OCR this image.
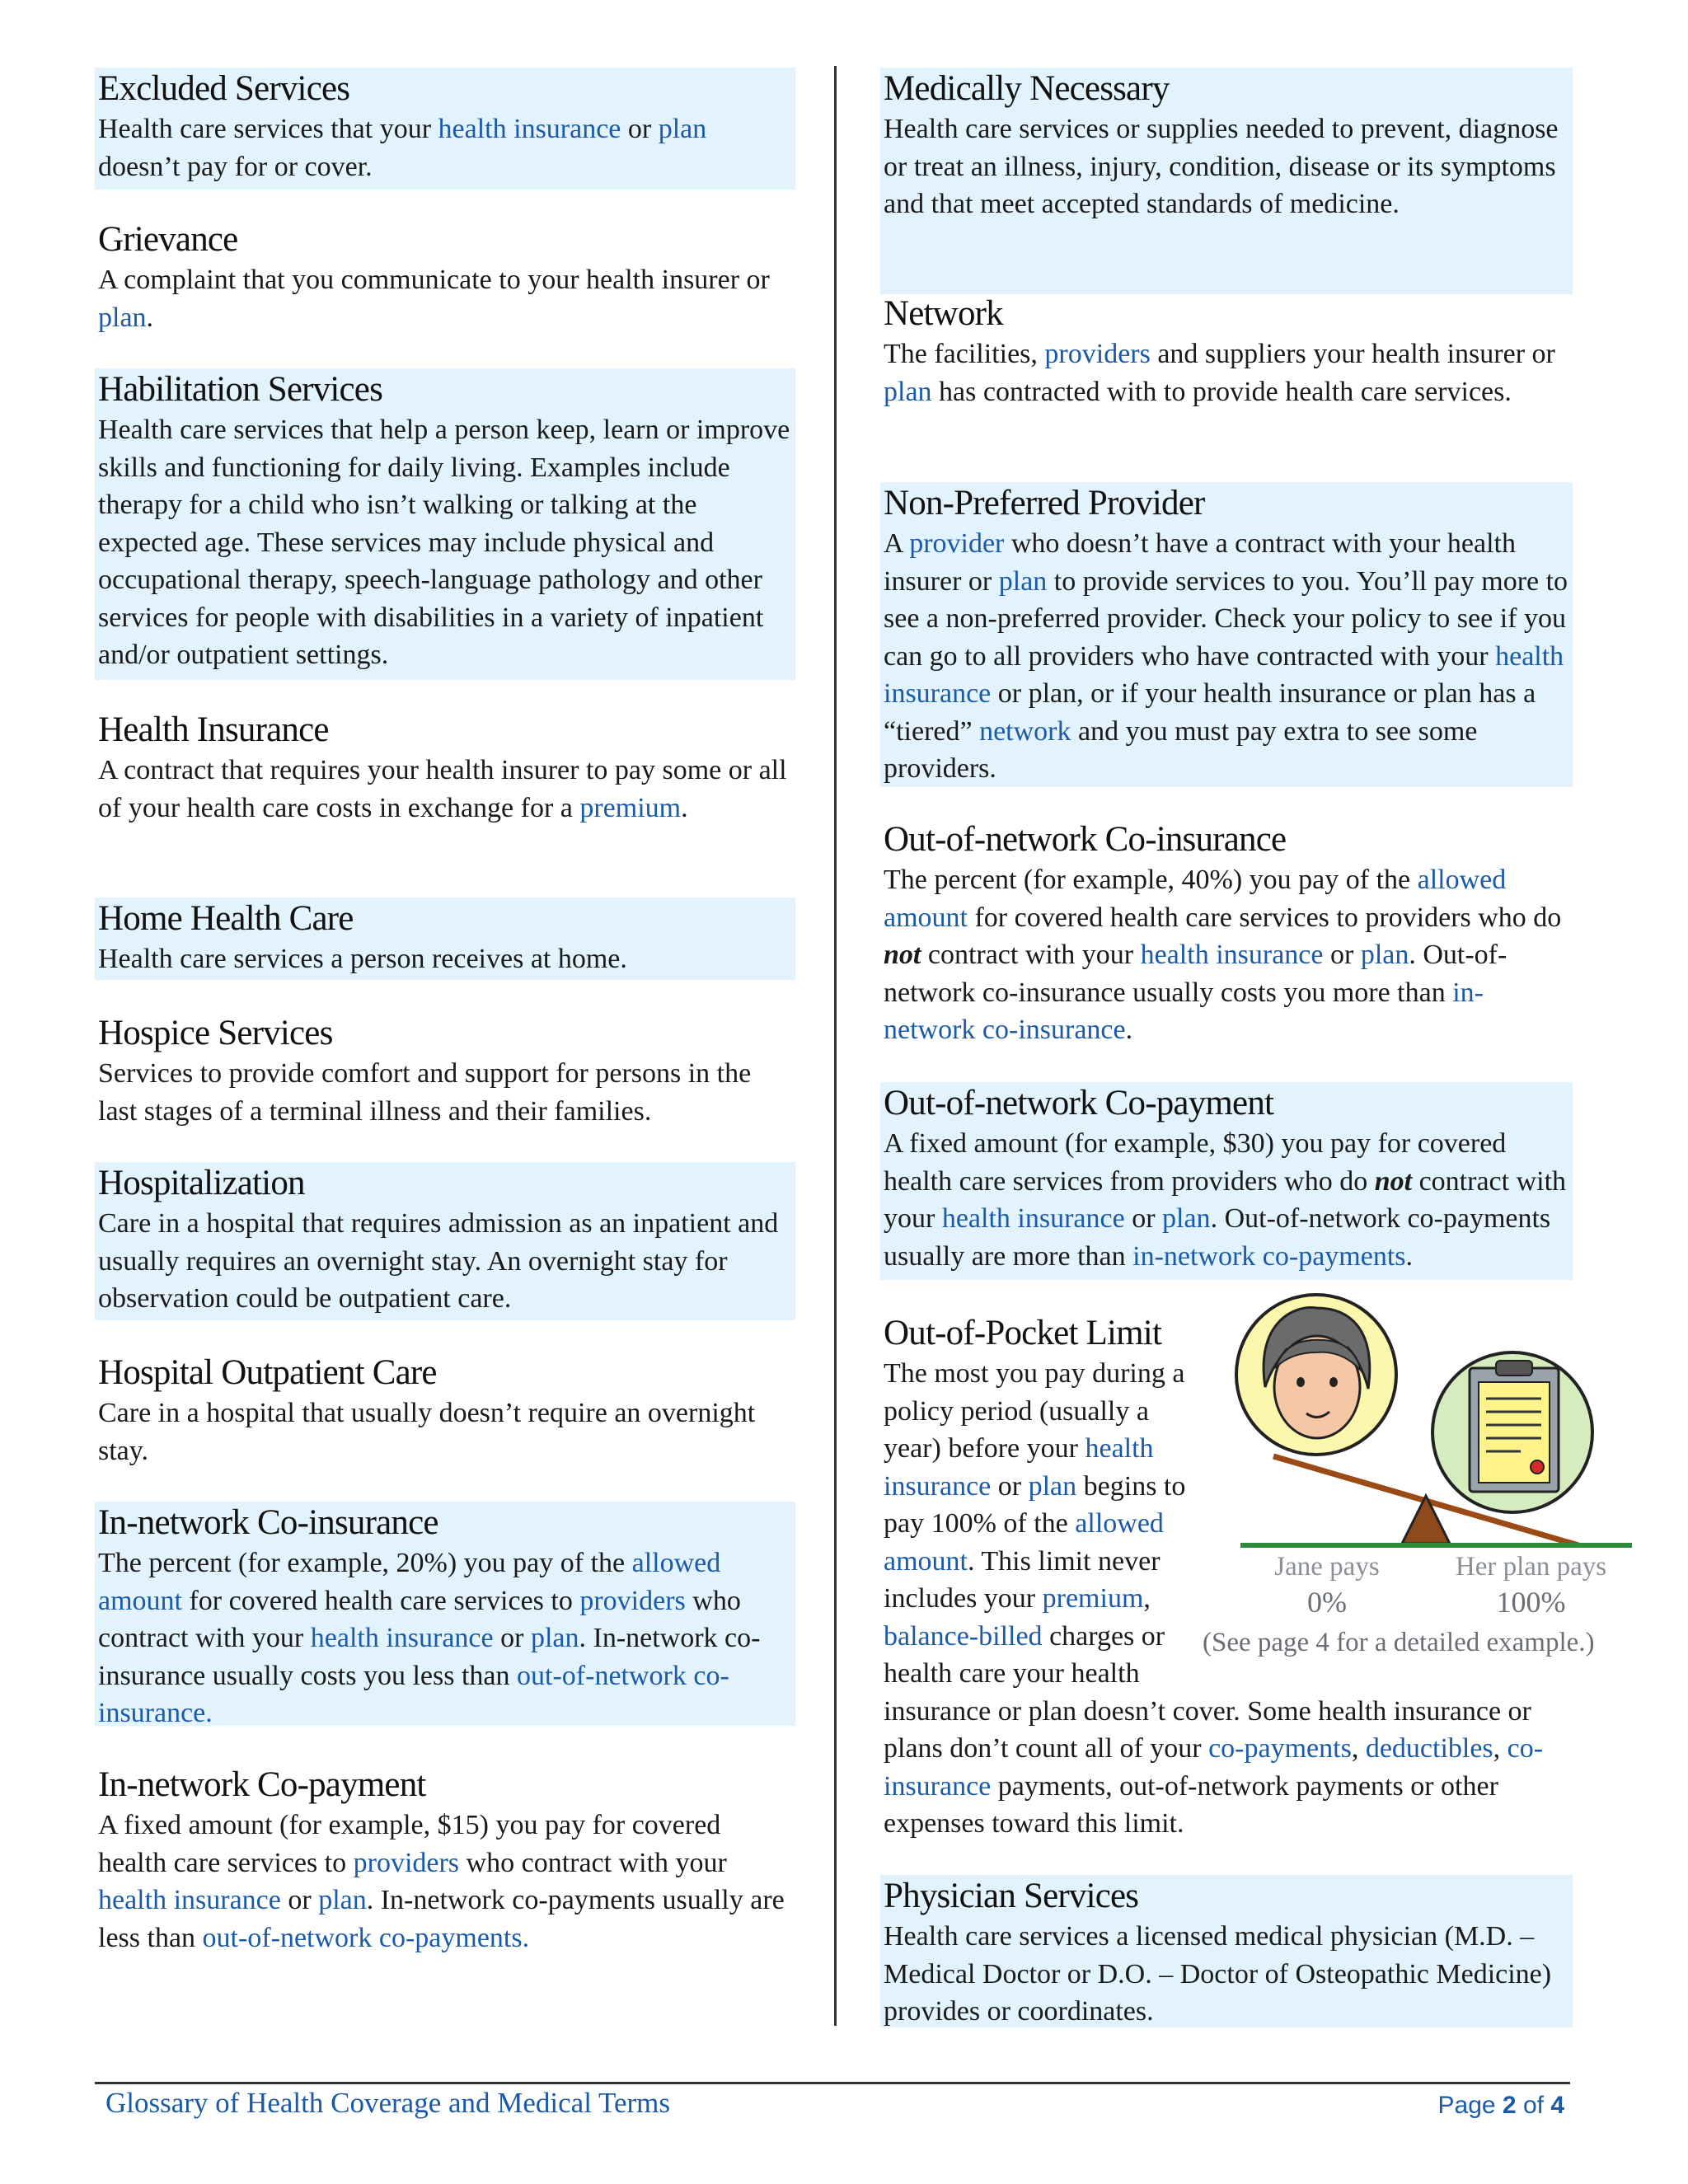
Excluded Services
Health care services that your health insurance or plan doesn’t pay for or cover.
Grievance
A complaint that you communicate to your health insurer or plan.
Habilitation Services
Health care services that help a person keep, learn or improve skills and functioning for daily living. Examples include therapy for a child who isn’t walking or talking at the expected age. These services may include physical and occupational therapy, speech-language pathology and other services for people with disabilities in a variety of inpatient and/or outpatient settings.
Health Insurance
A contract that requires your health insurer to pay some or all of your health care costs in exchange for a premium.
Home Health Care
Health care services a person receives at home.
Hospice Services
Services to provide comfort and support for persons in the last stages of a terminal illness and their families.
Hospitalization
Care in a hospital that requires admission as an inpatient and usually requires an overnight stay. An overnight stay for observation could be outpatient care.
Hospital Outpatient Care
Care in a hospital that usually doesn’t require an overnight stay.
In-network Co-insurance
The percent (for example, 20%) you pay of the allowed amount for covered health care services to providers who contract with your health insurance or plan. In-network co-insurance usually costs you less than out-of-network co-insurance.
In-network Co-payment
A fixed amount (for example, $15) you pay for covered health care services to providers who contract with your health insurance or plan. In-network co-payments usually are less than out-of-network co-payments.
Medically Necessary
Health care services or supplies needed to prevent, diagnose or treat an illness, injury, condition, disease or its symptoms and that meet accepted standards of medicine.
Network
The facilities, providers and suppliers your health insurer or plan has contracted with to provide health care services.
Non-Preferred Provider
A provider who doesn’t have a contract with your health insurer or plan to provide services to you. You’ll pay more to see a non-preferred provider. Check your policy to see if you can go to all providers who have contracted with your health insurance or plan, or if your health insurance or plan has a “tiered” network and you must pay extra to see some providers.
Out-of-network Co-insurance
The percent (for example, 40%) you pay of the allowed amount for covered health care services to providers who do not contract with your health insurance or plan. Out-of-network co-insurance usually costs you more than in-network co-insurance.
Out-of-network Co-payment
A fixed amount (for example, $30) you pay for covered health care services from providers who do not contract with your health insurance or plan. Out-of-network co-payments usually are more than in-network co-payments.
Out-of-Pocket Limit
The most you pay during a policy period (usually a year) before your health insurance or plan begins to pay 100% of the allowed amount. This limit never includes your premium, balance-billed charges or health care your health
insurance or plan doesn’t cover. Some health insurance or plans don’t count all of your co-payments, deductibles, co-insurance payments, out-of-network payments or other expenses toward this limit.
Physician Services
Health care services a licensed medical physician (M.D. – Medical Doctor or D.O. – Doctor of Osteopathic Medicine) provides or coordinates.
Jane pays
0%
Her plan pays
100%
(See page 4 for a detailed example.)
Glossary of Health Coverage and Medical Terms	Page 2 of 4
